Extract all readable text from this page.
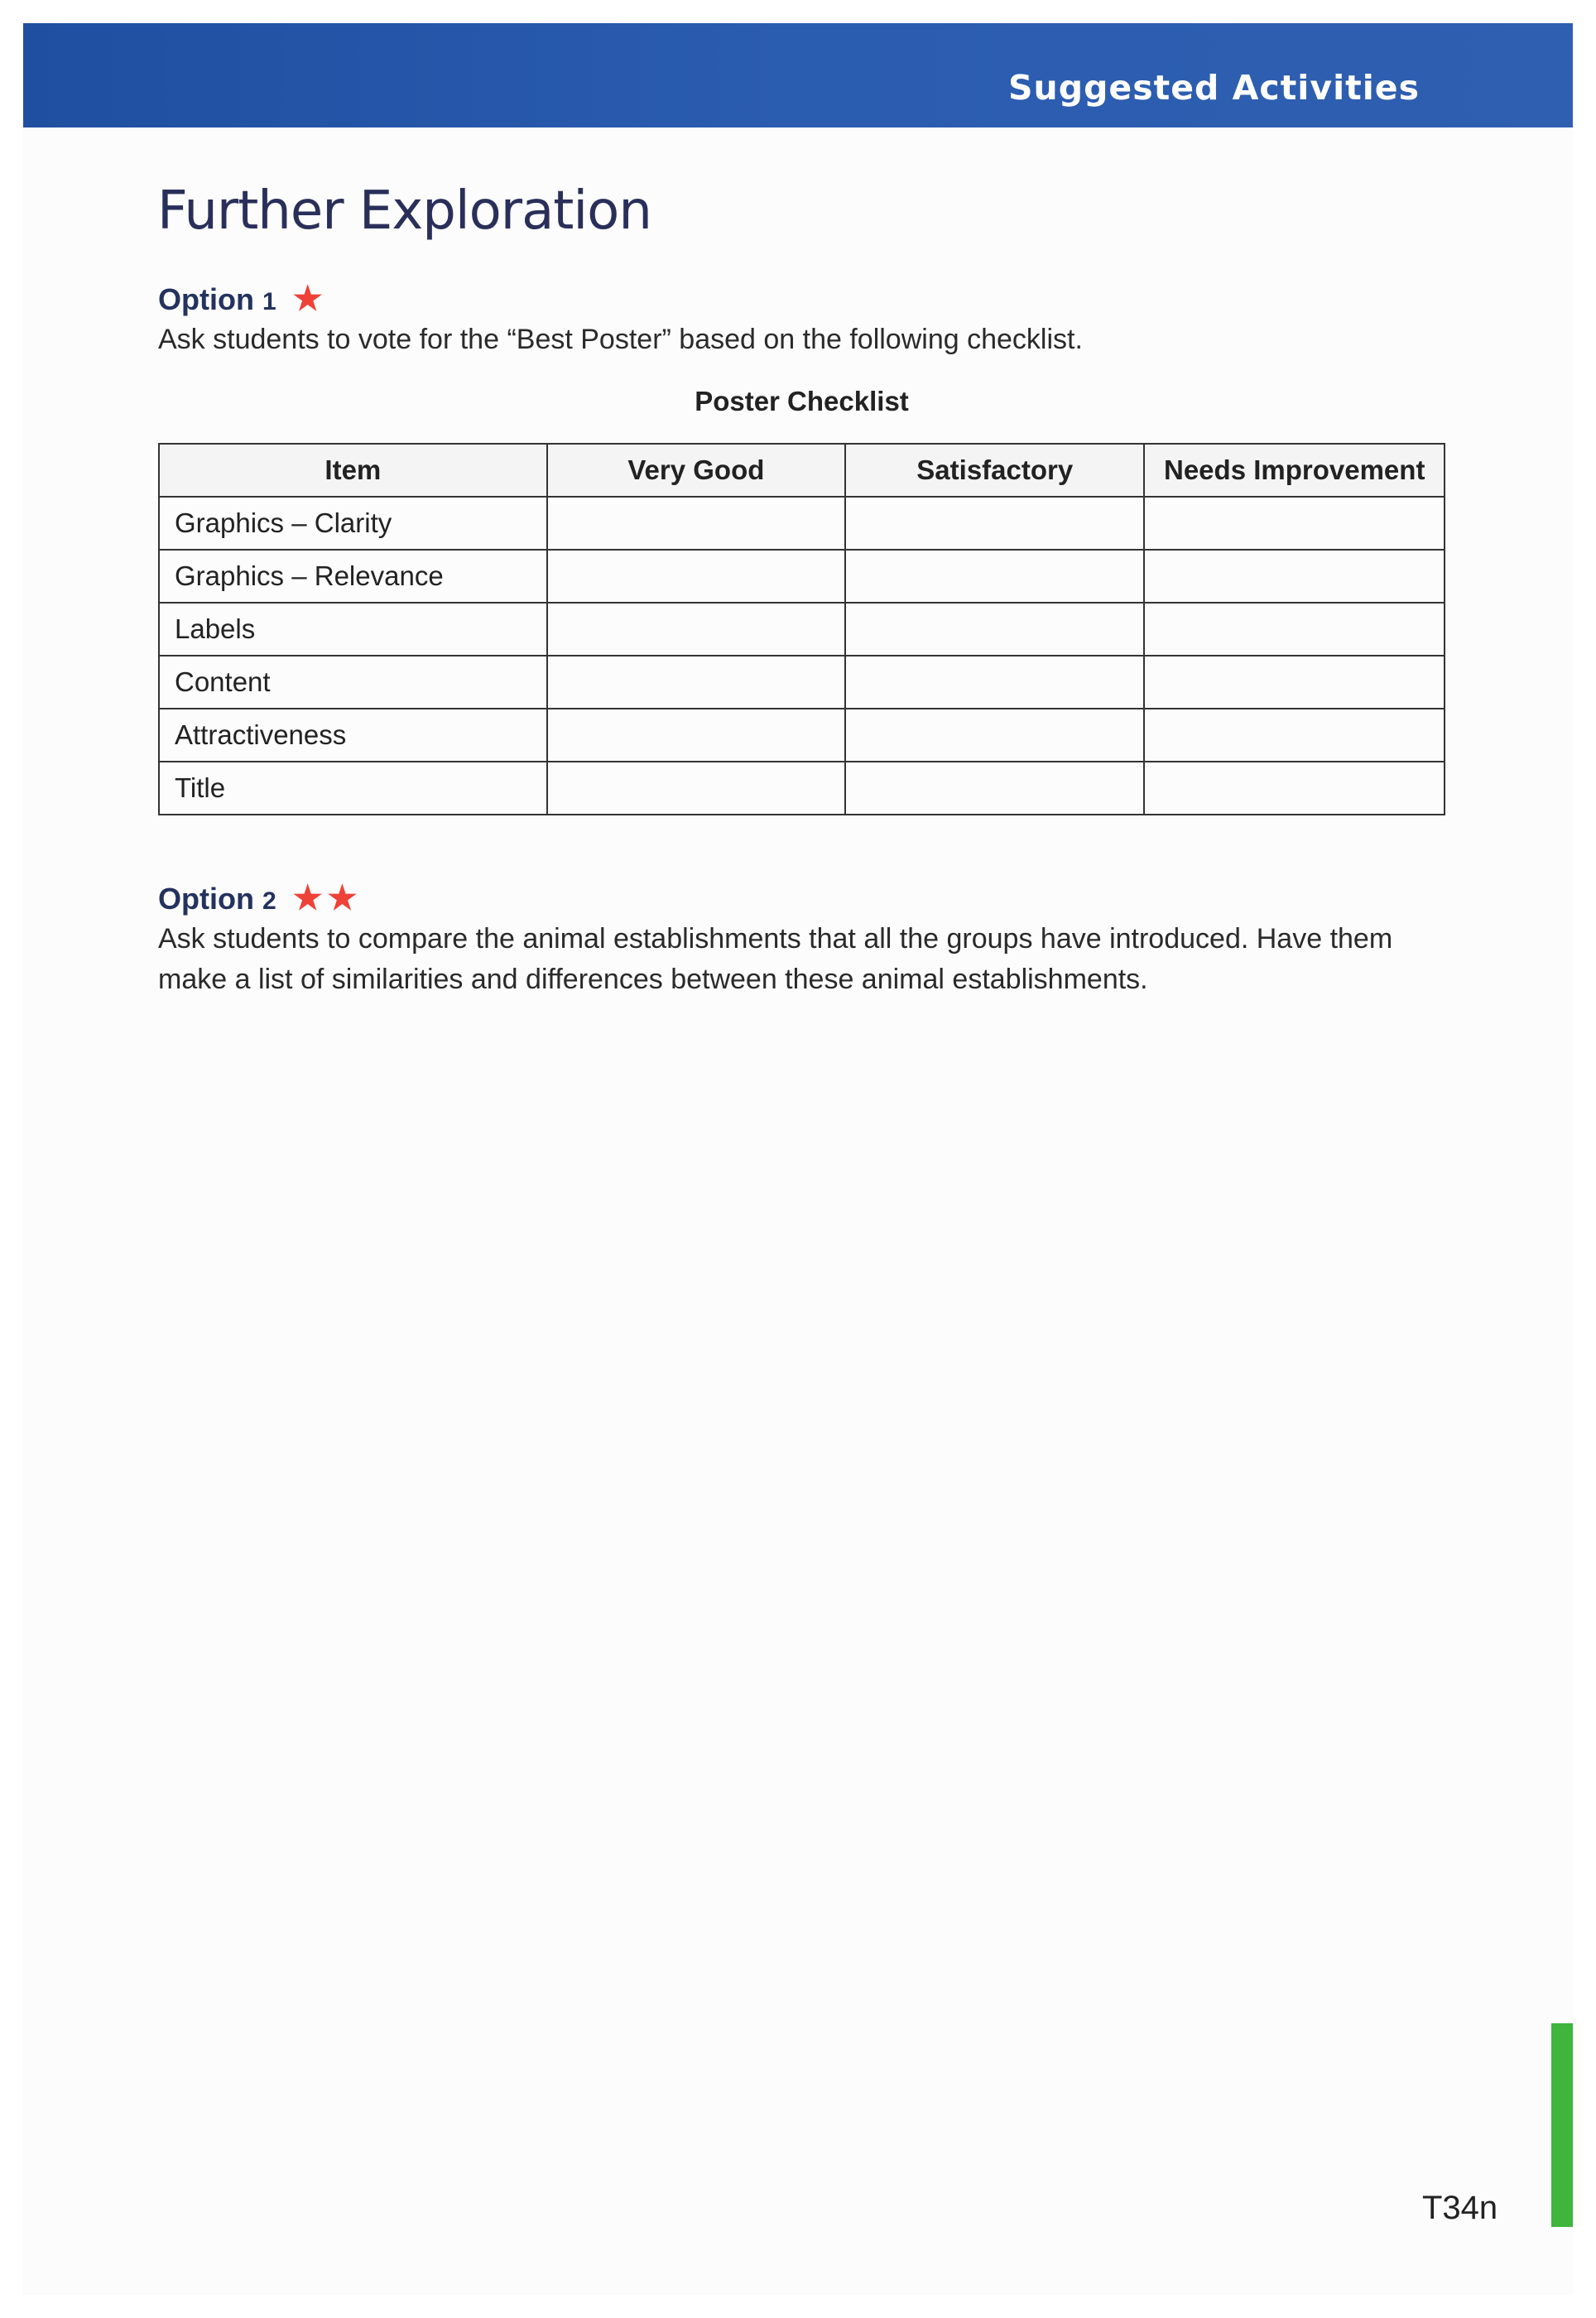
Suggested Activities
Further Exploration
Option 1 ★
Ask students to vote for the “Best Poster” based on the following checklist.
Poster Checklist
Item	Very Good	Satisfactory	Needs Improvement
Graphics – Clarity			
Graphics – Relevance			
Labels			
Content			
Attractiveness			
Title			
Option 2 ★★
Ask students to compare the animal establishments that all the groups have introduced. Have them make a list of similarities and differences between these animal establishments.
T34n
